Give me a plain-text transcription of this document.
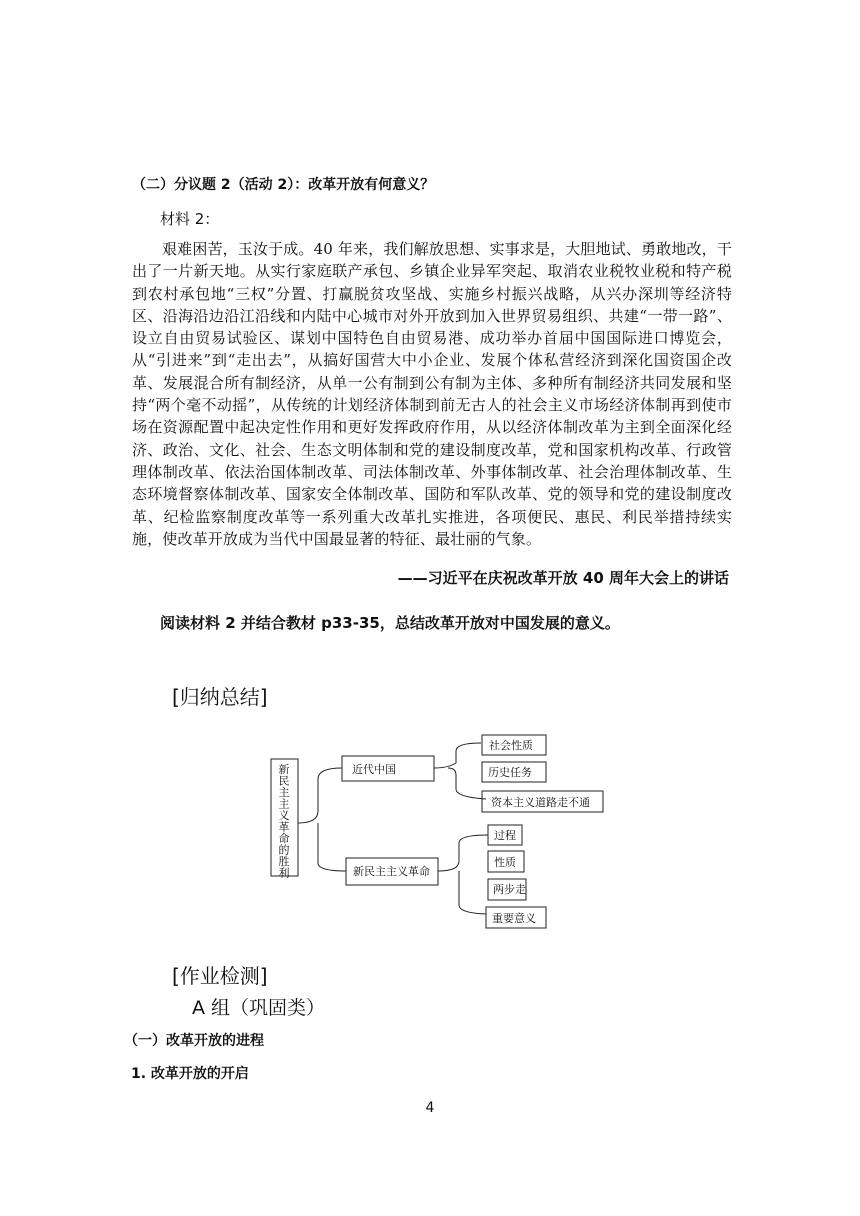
（二）分议题 2（活动 2）：改革开放有何意义？
材料 2：
艰难困苦，玉汝于成。40 年来，我们解放思想、实事求是，大胆地试、勇敢地改，干出了一片新天地。从实行家庭联产承包、乡镇企业异军突起、取消农业税牧业税和特产税到农村承包地“三权”分置、打赢脱贫攻坚战、实施乡村振兴战略，从兴办深圳等经济特区、沿海沿边沿江沿线和内陆中心城市对外开放到加入世界贸易组织、共建“一带一路”、设立自由贸易试验区、谋划中国特色自由贸易港、成功举办首届中国国际进口博览会，从“引进来”到“走出去”，从搞好国营大中小企业、发展个体私营经济到深化国资国企改革、发展混合所有制经济，从单一公有制到公有制为主体、多种所有制经济共同发展和坚持“两个毫不动摇”，从传统的计划经济体制到前无古人的社会主义市场经济体制再到使市场在资源配置中起决定性作用和更好发挥政府作用，从以经济体制改革为主到全面深化经济、政治、文化、社会、生态文明体制和党的建设制度改革，党和国家机构改革、行政管理体制改革、依法治国体制改革、司法体制改革、外事体制改革、社会治理体制改革、生态环境督察体制改革、国家安全体制改革、国防和军队改革、党的领导和党的建设制度改革、纪检监察制度改革等一系列重大改革扎实推进，各项便民、惠民、利民举措持续实施，使改革开放成为当代中国最显著的特征、最壮丽的气象。
——习近平在庆祝改革开放 40 周年大会上的讲话
阅读材料 2 并结合教材 p33-35，总结改革开放对中国发展的意义。
[归纳总结]
新民主主义革命的胜利
近代中国
社会性质
历史任务
资本主义道路走不通
新民主主义革命
过程
性质
两步走
重要意义
[作业检测]
A 组（巩固类）
（一）改革开放的进程
1. 改革开放的开启
4
